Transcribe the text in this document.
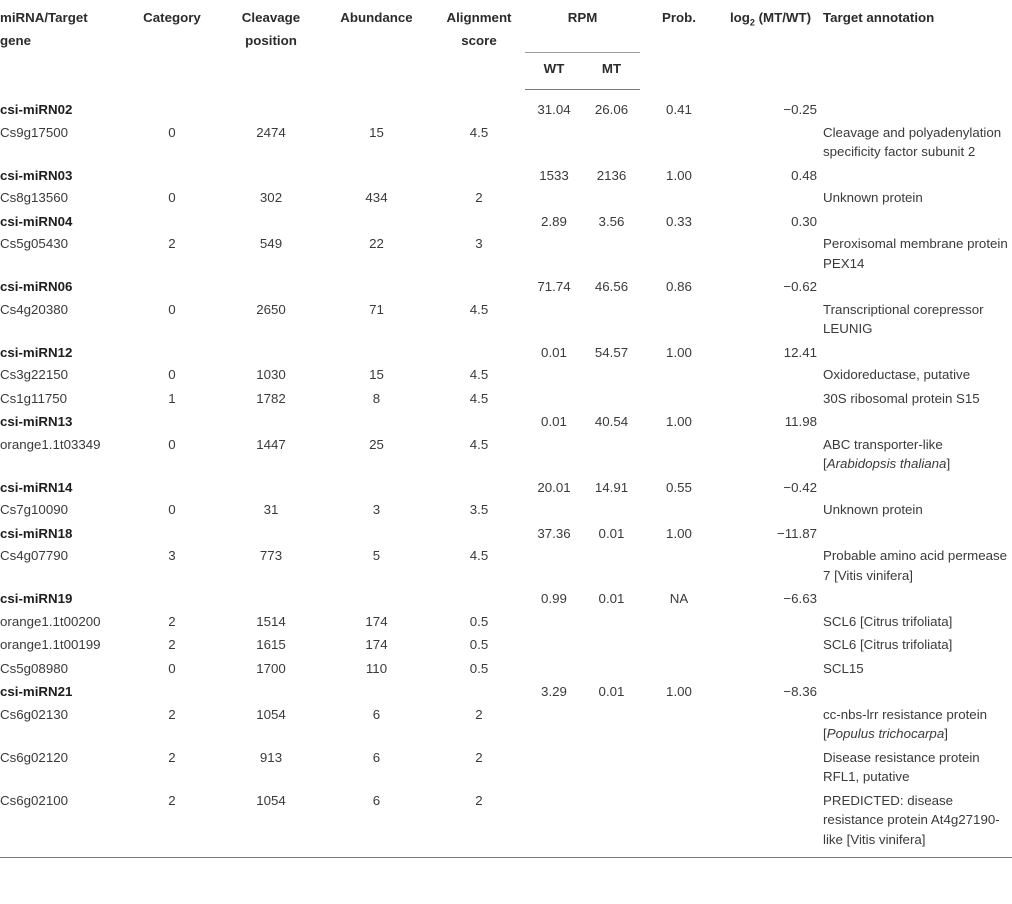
miRNA/Target gene	Category	Cleavage position	Abundance	Alignment score	RPM		Prob.	$\log_2 (MT/WT)$	Target annotation
					WT	MT			
csi-miRN02					31.04	26.06	0.41	−0.25	
Cs9g17500	0	2474	15	4.5					Cleavage and polyadenylation specificity factor subunit 2
csi-miRN03					1533	2136	1.00	0.48	
Cs8g13560	0	302	434	2					Unknown protein
csi-miRN04					2.89	3.56	0.33	0.30	
Cs5g05430	2	549	22	3					Peroxisomal membrane protein PEX14
csi-miRN06					71.74	46.56	0.86	−0.62	
Cs4g20380	0	2650	71	4.5					Transcriptional corepressor LEUNIG
csi-miRN12					0.01	54.57	1.00	12.41	
Cs3g22150	0	1030	15	4.5					Oxidoreductase, putative
Cs1g11750	1	1782	8	4.5					30S ribosomal protein S15
csi-miRN13					0.01	40.54	1.00	11.98	
orange1.1t03349	0	1447	25	4.5					ABC transporter-like [Arabidopsis thaliana]
csi-miRN14					20.01	14.91	0.55	−0.42	
Cs7g10090	0	31	3	3.5					Unknown protein
csi-miRN18					37.36	0.01	1.00	−11.87	
Cs4g07790	3	773	5	4.5					Probable amino acid permease 7 [Vitis vinifera]
csi-miRN19					0.99	0.01	NA	−6.63	
orange1.1t00200	2	1514	174	0.5					SCL6 [Citrus trifoliata]
orange1.1t00199	2	1615	174	0.5					SCL6 [Citrus trifoliata]
Cs5g08980	0	1700	110	0.5					SCL15
csi-miRN21					3.29	0.01	1.00	−8.36	
Cs6g02130	2	1054	6	2					cc-nbs-lrr resistance protein [Populus trichocarpa]
Cs6g02120	2	913	6	2					Disease resistance protein RFL1, putative
Cs6g02100	2	1054	6	2					PREDICTED: disease resistance protein At4g27190-like [Vitis vinifera]
